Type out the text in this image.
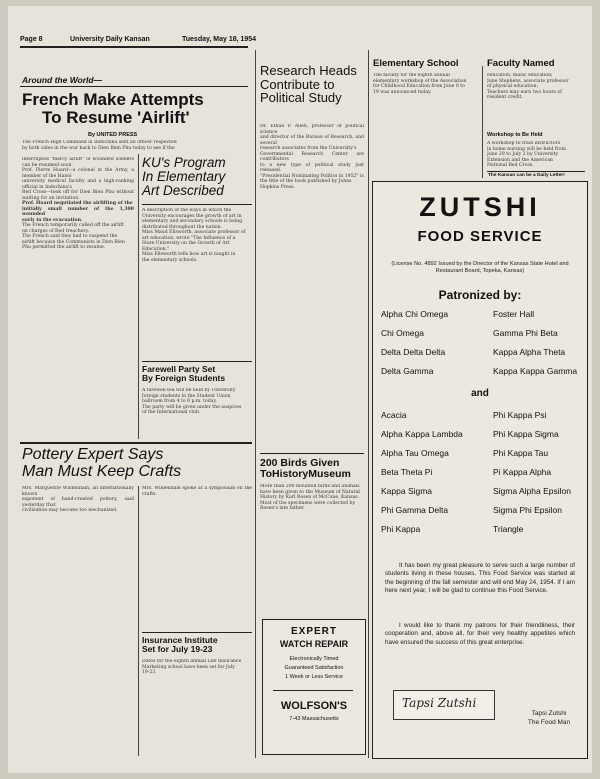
Page 8	University Daily Kansan	Tuesday, May 18, 1954
Around the World—
French Make Attempts
To Resume 'Airlift'
By UNITED PRESS
The French High Command in Indochina sent an officer respected
by both sides in the war back to Dien Bien Phu today to see if the
interrupted "mercy airlift" of wounded soldiers can be resumed soon.
Prof. Pierre Huard—a colonel in the Army, a member of the Hanoi
university medical faculty and a high-ranking official in Indochina's
Red Cross—took off for Dien Bien Phu without waiting for an invitation.
Prof. Huard negotiated the airlifting of the
initially small number of the 1,300 wounded
early in the evacuation.
The French temporarily called off the airlift
on charges of Red treachery.
The French said they had to suspend the
airlift because the Communists in Dien Bien
Phu permitted the airlift to resume.
KU's Program
In Elementary
Art Described
A description of the ways in which the
University encourages the growth of art in
elementary and secondary schools is being
distributed throughout the nation.
Miss Maud Ellsworth, associate professor of
art education, wrote "The Influence of a
State University on the Growth of Art
Education."
Miss Ellsworth tells how art is taught in
the elementary schools.
Farewell Party Set
By Foreign Students
A farewell tea will be held by University
foreign students in the Student Union
ballroom from 4 to 6 p.m. today.
The party will be given under the auspices
of the International club.
Pottery Expert Says
Man Must Keep Crafts
Mrs. Marguerite Wildenhain, an internationally known
exponent of hand-created pottery, said yesterday that
civilization may become too mechanized.
Mrs. Wildenhain spoke at a symposium on the crafts.
Insurance Institute
Set for July 19-23
Dates for the eighth annual Life Insurance
Marketing school have been set for July
19-23.
Research Heads
Contribute to
Political Study
Dr. Ethan P. Allen, professor of political science
and director of the Bureau of Research, and several
research associates from the University's
Governmental Research Center are contributors
to a new type of political study just released.
"Presidential Nominating Politics in 1952" is
the title of the book published by Johns
Hopkins Press.
200 Birds Given
ToHistoryMuseum
More than 200 mounted birds and animals
have been given to the Museum of Natural
History by Karl Rosen of McCune, Kansas.
Most of the specimens were collected by
Rosen's late father.
EXPERT
WATCH REPAIR
Electronically Timed
Guaranteed Satisfaction
1 Week or Less Service
WOLFSON'S
7-43 Massachusetts
Elementary School
The faculty for the eighth annual
elementary workshop of the Association
for Childhood Education from June 9 to
19 was announced today.
Faculty Named
education, music education;
June Stephens, associate professor
of physical education;
Teachers may earn two hours of
resident credit.
Workshop to Be Held
A workshop to train instructors
in home nursing will be held from
June 28 to July 2 by University
Extension and the American
National Red Cross.
The Kansan can be a Daily Letter!
ZUTSHI
FOOD SERVICE
(License No. 4892 Issued by the Director of the Kansas State Hotel and Restaurant Board, Topeka, Kansas)
Patronized by:
Alpha Chi Omega
Chi Omega
Delta Delta Delta
Delta Gamma
Foster Hall
Gamma Phi Beta
Kappa Alpha Theta
Kappa Kappa Gamma
and
Acacia
Alpha Kappa Lambda
Alpha Tau Omega
Beta Theta Pi
Kappa Sigma
Phi Gamma Delta
Phi Kappa
Phi Kappa Psi
Phi Kappa Sigma
Phi Kappa Tau
Pi Kappa Alpha
Sigma Alpha Epsilon
Sigma Phi Epsilon
Triangle
It has been my great pleasure to serve such a large number of students living in these houses. This Food Service was started at the beginning of the fall semester and will end May 24, 1954. If I am here next year, I will be glad to continue this Food Service.
I would like to thank my patrons for their friendliness, their cooperation and, above all, for their very healthy appetites which have ensured the success of this great enterprise.
Tapsi Zutshi
Tapsi Zutshi
The Food Man
